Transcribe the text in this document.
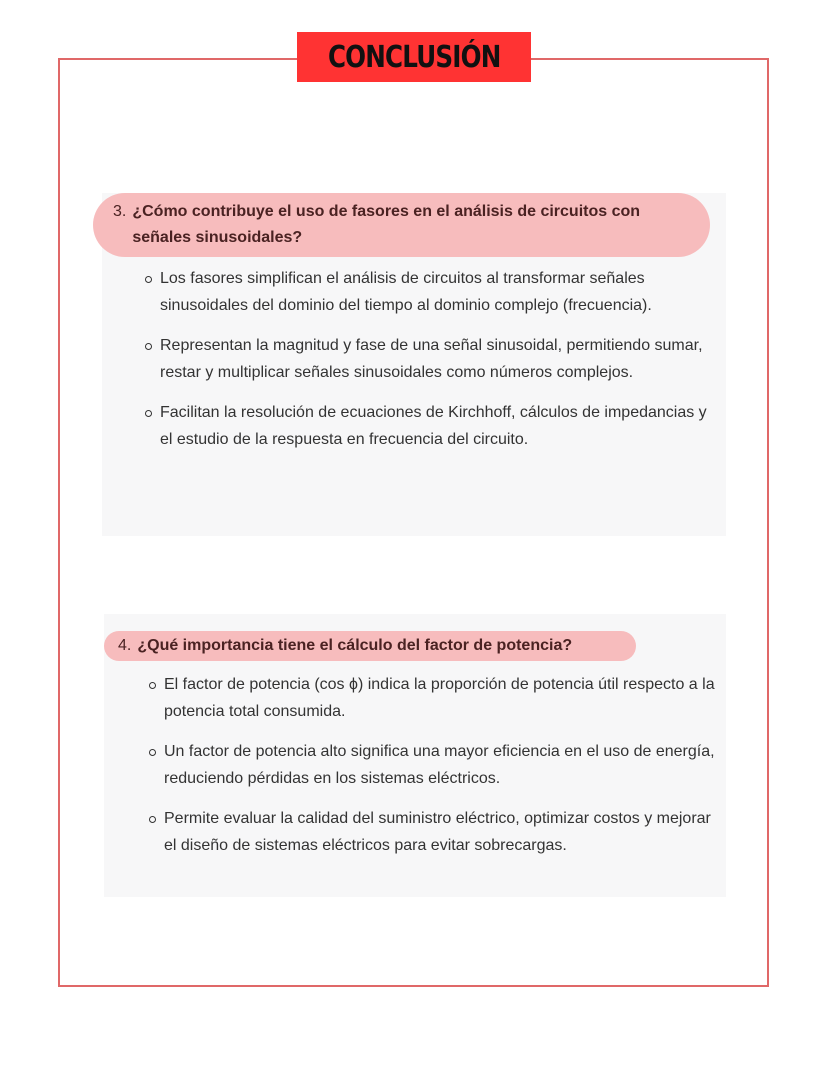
CONCLUSIÓN
3. ¿Cómo contribuye el uso de fasores en el análisis de circuitos con señales sinusoidales?
Los fasores simplifican el análisis de circuitos al transformar señales sinusoidales del dominio del tiempo al dominio complejo (frecuencia).
Representan la magnitud y fase de una señal sinusoidal, permitiendo sumar, restar y multiplicar señales sinusoidales como números complejos.
Facilitan la resolución de ecuaciones de Kirchhoff, cálculos de impedancias y el estudio de la respuesta en frecuencia del circuito.
4. ¿Qué importancia tiene el cálculo del factor de potencia?
El factor de potencia (cos ϕ) indica la proporción de potencia útil respecto a la potencia total consumida.
Un factor de potencia alto significa una mayor eficiencia en el uso de energía, reduciendo pérdidas en los sistemas eléctricos.
Permite evaluar la calidad del suministro eléctrico, optimizar costos y mejorar el diseño de sistemas eléctricos para evitar sobrecargas.
